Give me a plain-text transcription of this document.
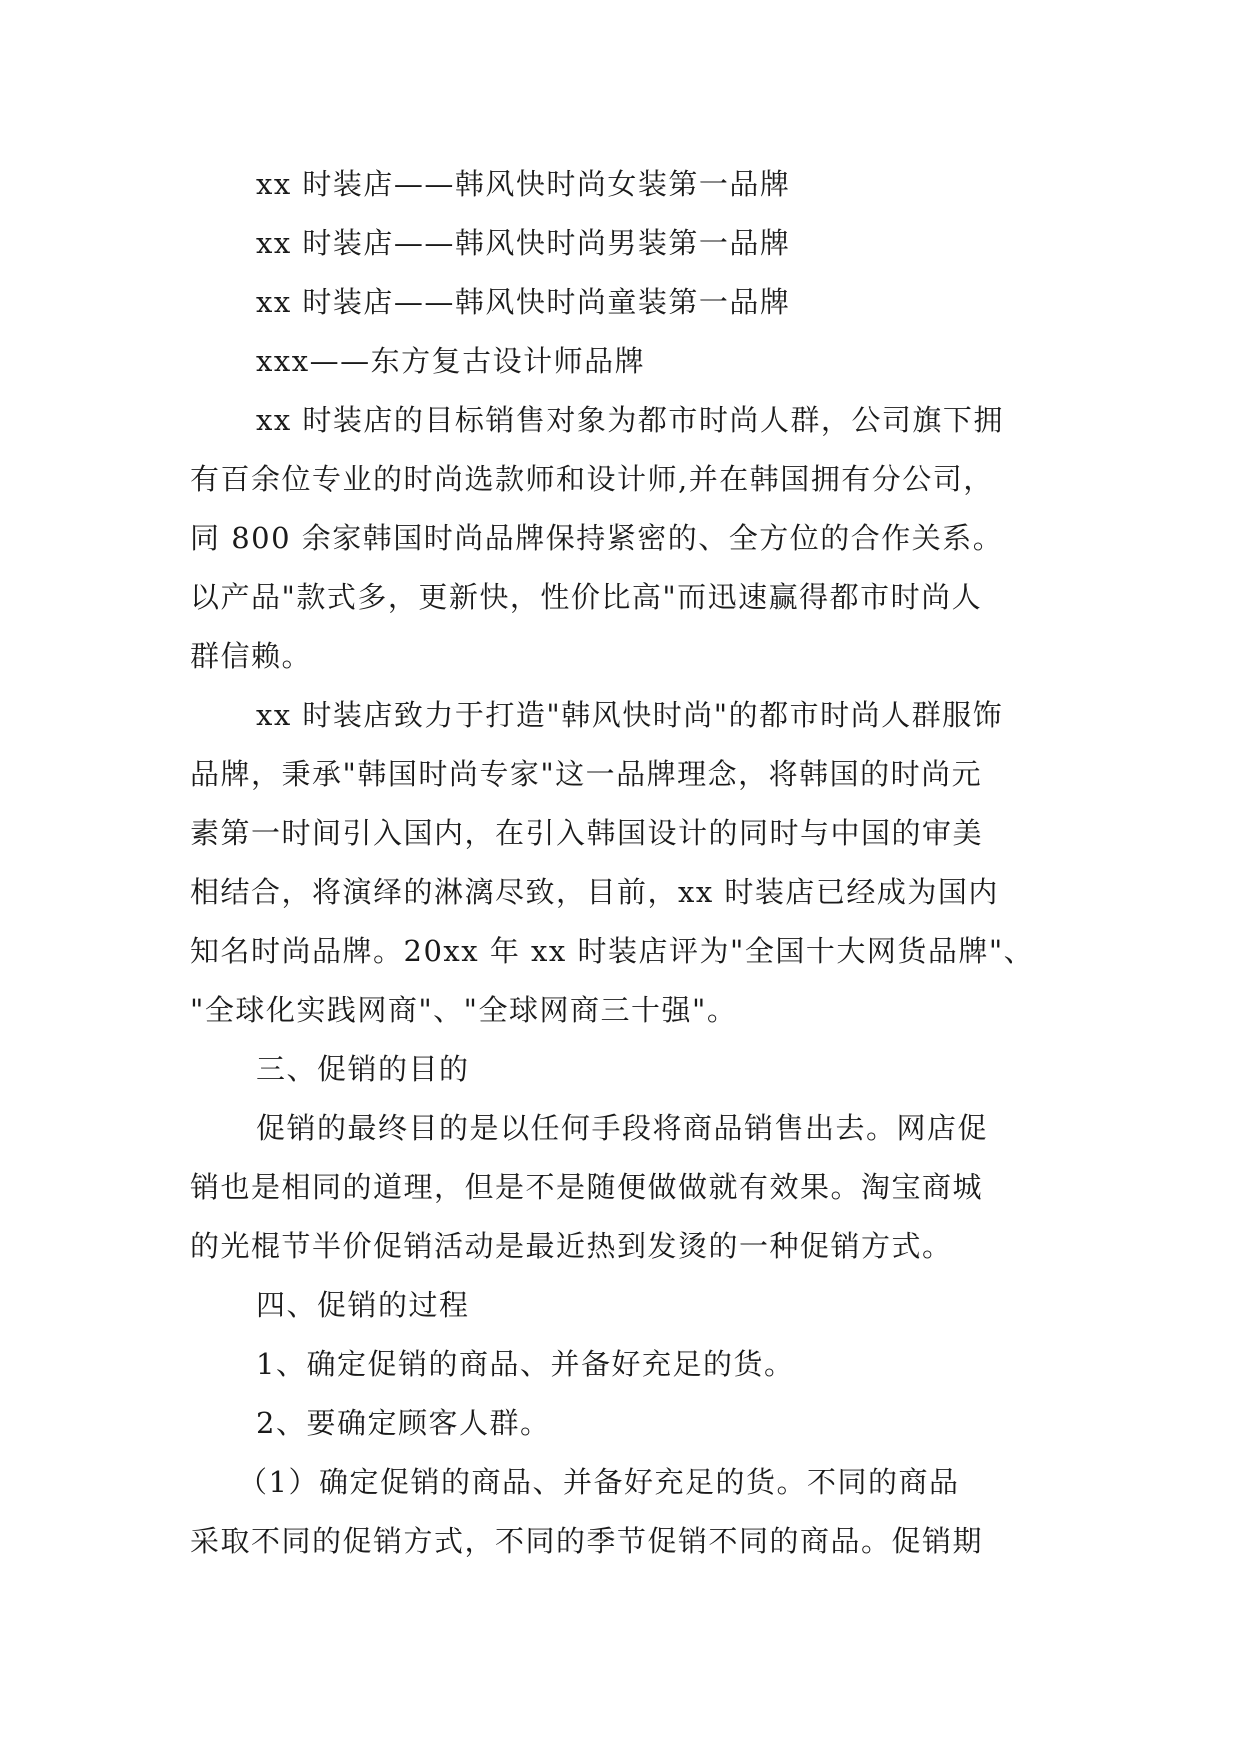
xx 时装店——韩风快时尚女装第一品牌
xx 时装店——韩风快时尚男装第一品牌
xx 时装店——韩风快时尚童装第一品牌
xxx——东方复古设计师品牌
xx 时装店的目标销售对象为都市时尚人群，公司旗下拥
有百余位专业的时尚选款师和设计师,并在韩国拥有分公司，
同 800 余家韩国时尚品牌保持紧密的、全方位的合作关系。
以产品"款式多，更新快，性价比高"而迅速赢得都市时尚人
群信赖。
xx 时装店致力于打造"韩风快时尚"的都市时尚人群服饰
品牌，秉承"韩国时尚专家"这一品牌理念，将韩国的时尚元
素第一时间引入国内，在引入韩国设计的同时与中国的审美
相结合，将演绎的淋漓尽致，目前，xx 时装店已经成为国内
知名时尚品牌。20xx 年 xx 时装店评为"全国十大网货品牌"、
"全球化实践网商"、"全球网商三十强"。
三、促销的目的
促销的最终目的是以任何手段将商品销售出去。网店促
销也是相同的道理，但是不是随便做做就有效果。淘宝商城
的光棍节半价促销活动是最近热到发烫的一种促销方式。
四、促销的过程
1、确定促销的商品、并备好充足的货。
2、要确定顾客人群。
（1）确定促销的商品、并备好充足的货。不同的商品
采取不同的促销方式，不同的季节促销不同的商品。促销期
